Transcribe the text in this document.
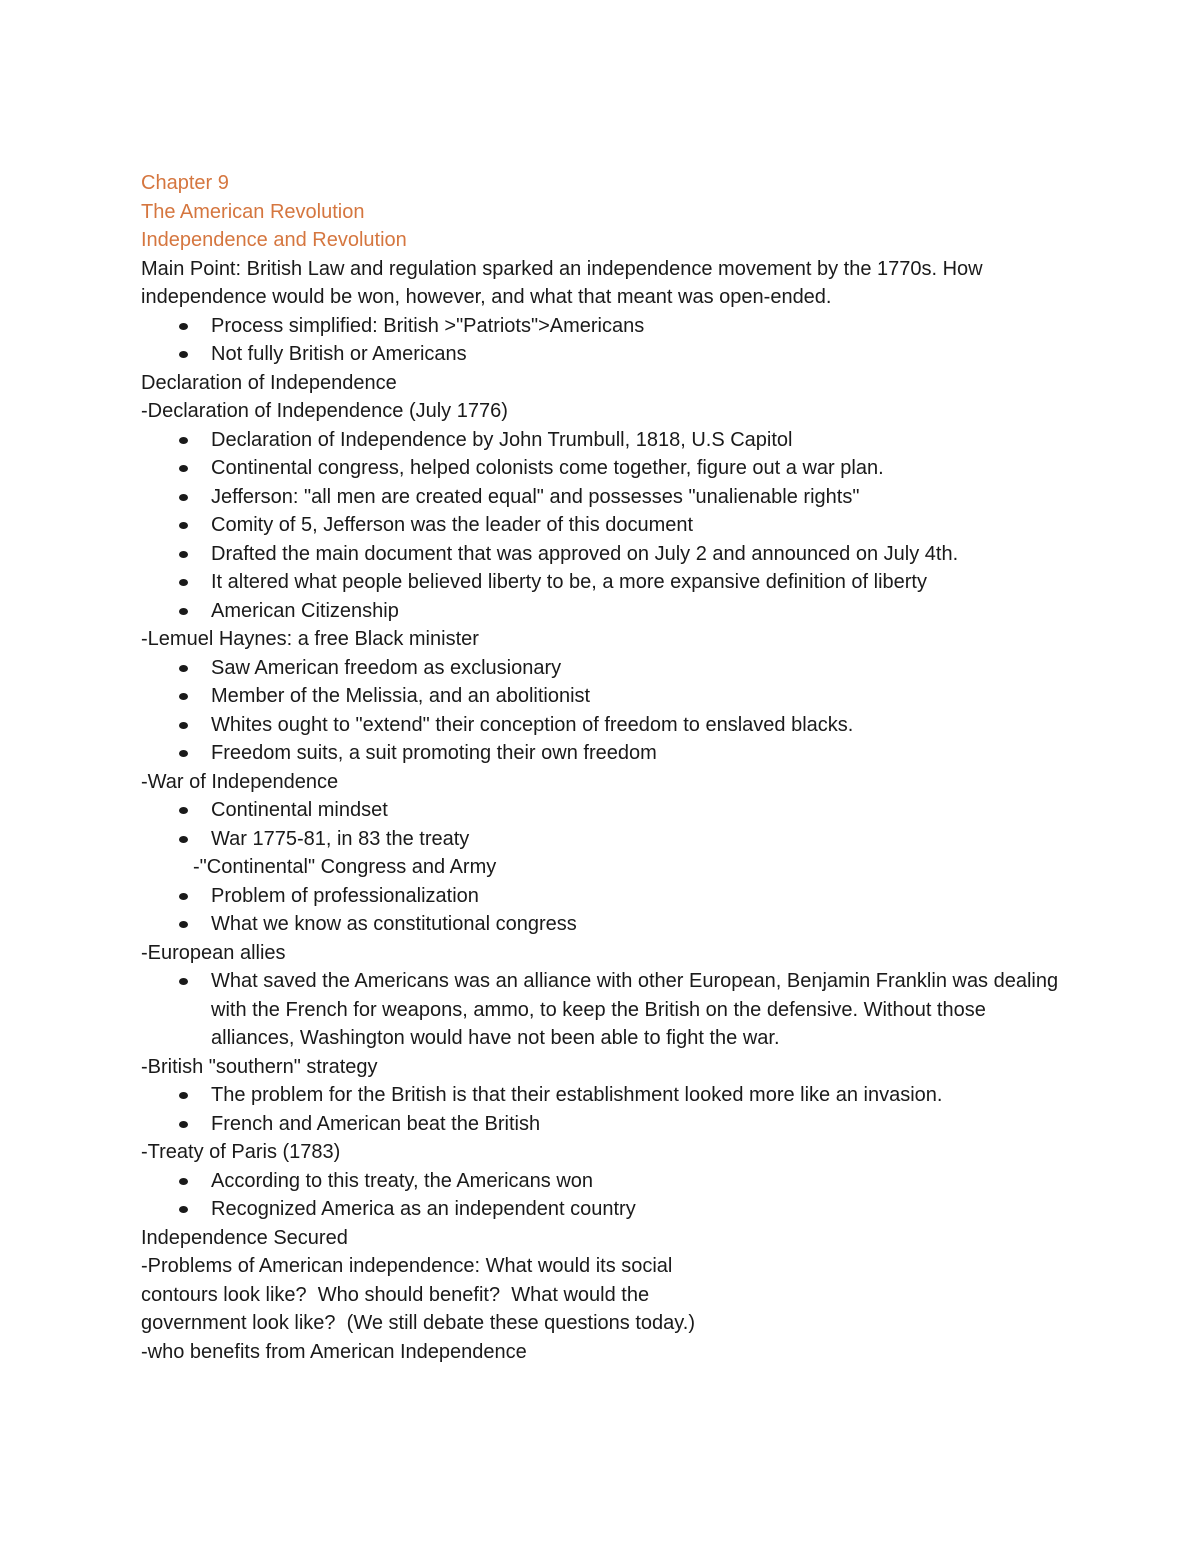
Chapter 9

The American Revolution

Independence and Revolution

Main Point: British Law and regulation sparked an independence movement by the 1770s. How independence would be won, however, and what that meant was open-ended.

Process simplified: British >"Patriots">Americans
Not fully British or Americans

Declaration of Independence

-Declaration of Independence (July 1776)

Declaration of Independence by John Trumbull, 1818, U.S Capitol
Continental congress, helped colonists come together, figure out a war plan.
Jefferson: "all men are created equal" and possesses "unalienable rights"
Comity of 5, Jefferson was the leader of this document
Drafted the main document that was approved on July 2 and announced on July 4th.
It altered what people believed liberty to be, a more expansive definition of liberty
American Citizenship

-Lemuel Haynes: a free Black minister

Saw American freedom as exclusionary
Member of the Melissia, and an abolitionist
Whites ought to "extend" their conception of freedom to enslaved blacks.
Freedom suits, a suit promoting their own freedom

-War of Independence

Continental mindset
War 1775-81, in 83 the treaty

-"Continental" Congress and Army

Problem of professionalization
What we know as constitutional congress

-European allies

What saved the Americans was an alliance with other European, Benjamin Franklin was dealing with the French for weapons, ammo, to keep the British on the defensive. Without those alliances, Washington would have not been able to fight the war.

-British "southern" strategy

The problem for the British is that their establishment looked more like an invasion.
French and American beat the British

-Treaty of Paris (1783)

According to this treaty, the Americans won
Recognized America as an independent country

Independence Secured

-Problems of American independence: What would its social

contours look like?  Who should benefit?  What would the

government look like?  (We still debate these questions today.)

-who benefits from American Independence
